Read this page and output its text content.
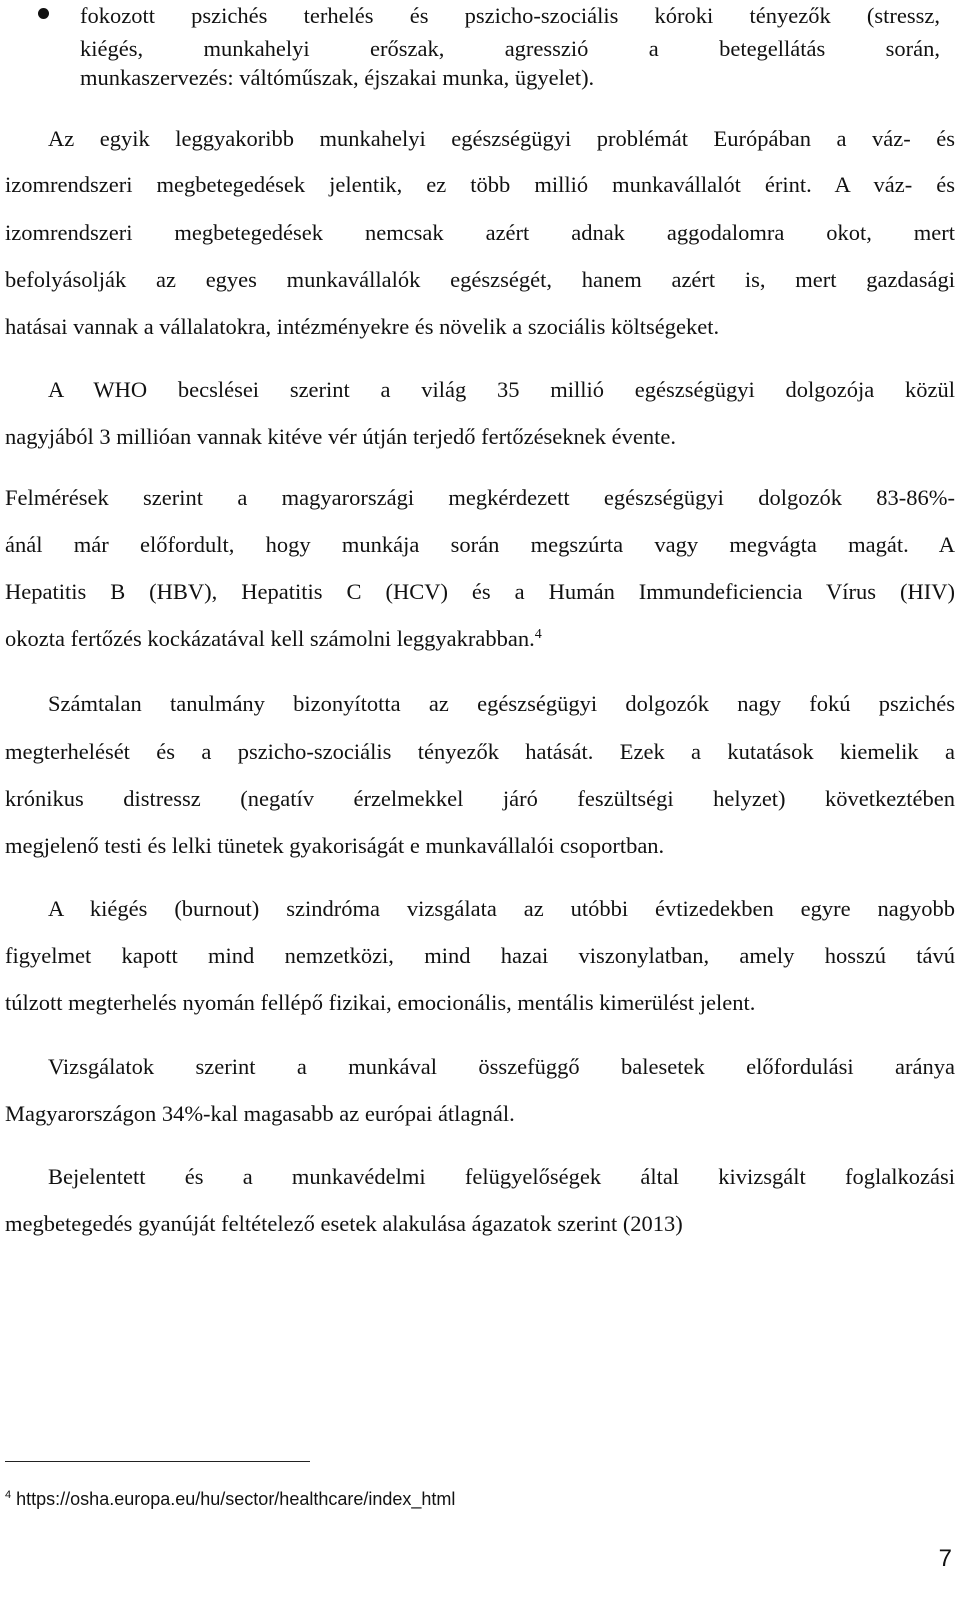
fokozott pszichés terhelés és pszicho-szociális kóroki tényezők (stressz,
kiégés, munkahelyi erőszak, agresszió a betegellátás során,
munkaszervezés: váltóműszak, éjszakai munka, ügyelet).
Az egyik leggyakoribb munkahelyi egészségügyi problémát Európában a váz- és
izomrendszeri megbetegedések jelentik, ez több millió munkavállalót érint. A váz- és
izomrendszeri megbetegedések nemcsak azért adnak aggodalomra okot, mert
befolyásolják az egyes munkavállalók egészségét, hanem azért is, mert gazdasági
hatásai vannak a vállalatokra, intézményekre és növelik a szociális költségeket.
A WHO becslései szerint a világ 35 millió egészségügyi dolgozója közül
nagyjából 3 millióan vannak kitéve vér útján terjedő fertőzéseknek évente.
Felmérések szerint a magyarországi megkérdezett egészségügyi dolgozók 83-86%-
ánál már előfordult, hogy munkája során megszúrta vagy megvágta magát. A
Hepatitis B (HBV), Hepatitis C (HCV) és a Humán Immundeficiencia Vírus (HIV)
okozta fertőzés kockázatával kell számolni leggyakrabban.$^4$
Számtalan tanulmány bizonyította az egészségügyi dolgozók nagy fokú pszichés
megterhelését és a pszicho-szociális tényezők hatását. Ezek a kutatások kiemelik a
krónikus distressz (negatív érzelmekkel járó feszültségi helyzet) következtében
megjelenő testi és lelki tünetek gyakoriságát e munkavállalói csoportban.
A kiégés (burnout) szindróma vizsgálata az utóbbi évtizedekben egyre nagyobb
figyelmet kapott mind nemzetközi, mind hazai viszonylatban, amely hosszú távú
túlzott megterhelés nyomán fellépő fizikai, emocionális, mentális kimerülést jelent.
Vizsgálatok szerint a munkával összefüggő balesetek előfordulási aránya
Magyarországon 34%-kal magasabb az európai átlagnál.
Bejelentett és a munkavédelmi felügyelőségek által kivizsgált foglalkozási
megbetegedés gyanúját feltételező esetek alakulása ágazatok szerint (2013)
$^4$ https://osha.europa.eu/hu/sector/healthcare/index_html
7
